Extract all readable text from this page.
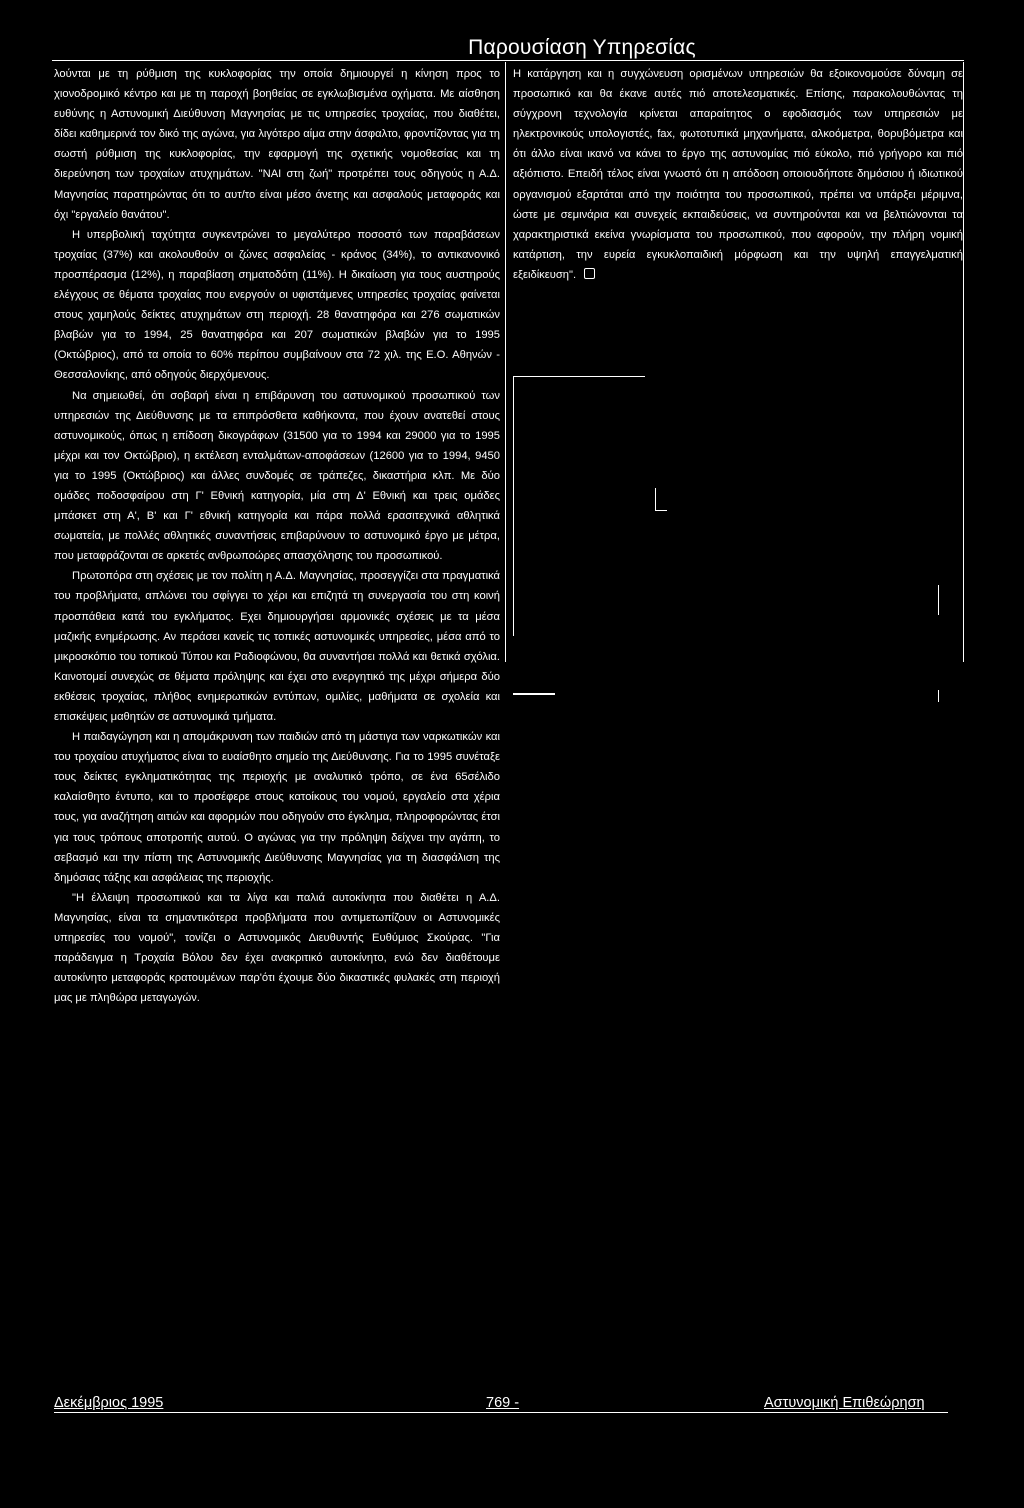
Παρουσίαση Υπηρεσίας

λούνται με τη ρύθμιση της κυκλοφορίας την οποία δημιουργεί η κίνηση προς το χιονοδρομικό κέντρο και με τη παροχή βοηθείας σε εγκλωβισμένα οχήματα. Με αίσθηση ευθύνης η Αστυνομική Διεύθυνση Μαγνησίας με τις υπηρεσίες τροχαίας, που διαθέτει, δίδει καθημερινά τον δικό της αγώνα, για λιγότερο αίμα στην άσφαλτο, φροντίζοντας για τη σωστή ρύθμιση της κυκλοφορίας, την εφαρμογή της σχετικής νομοθεσίας και τη διερεύνηση των τροχαίων ατυχημάτων. "ΝΑΙ στη ζωή" προτρέπει τους οδηγούς η Α.Δ. Μαγνησίας παρατηρώντας ότι το αυτ/το είναι μέσο άνετης και ασφαλούς μεταφοράς και όχι "εργαλείο θανάτου".

Η υπερβολική ταχύτητα συγκεντρώνει το μεγαλύτερο ποσοστό των παραβάσεων τροχαίας (37%) και ακολουθούν οι ζώνες ασφαλείας - κράνος (34%), το αντικανονικό προσπέρασμα (12%), η παραβίαση σηματοδότη (11%). Η δικαίωση για τους αυστηρούς ελέγχους σε θέματα τροχαίας που ενεργούν οι υφιστάμενες υπηρεσίες τροχαίας φαίνεται στους χαμηλούς δείκτες ατυχημάτων στη περιοχή. 28 θανατηφόρα και 276 σωματικών βλαβών για το 1994, 25 θανατηφόρα και 207 σωματικών βλαβών για το 1995 (Οκτώβριος), από τα οποία το 60% περίπου συμβαίνουν στα 72 χιλ. της Ε.Ο. Αθηνών - Θεσσαλονίκης, από οδηγούς διερχόμενους.

Να σημειωθεί, ότι σοβαρή είναι η επιβάρυνση του αστυνομικού προσωπικού των υπηρεσιών της Διεύθυνσης με τα επιπρόσθετα καθήκοντα, που έχουν ανατεθεί στους αστυνομικούς, όπως η επίδοση δικογράφων (31500 για το 1994 και 29000 για το 1995 μέχρι και τον Οκτώβριο), η εκτέλεση ενταλμάτων-αποφάσεων (12600 για το 1994, 9450 για το 1995 (Οκτώβριος) και άλλες συνδομές σε τράπεζες, δικαστήρια κλπ. Με δύο ομάδες ποδοσφαίρου στη Γ' Εθνική κατηγορία, μία στη Δ' Εθνική και τρεις ομάδες μπάσκετ στη Α', Β' και Γ' εθνική κατηγορία και πάρα πολλά ερασιτεχνικά αθλητικά σωματεία, με πολλές αθλητικές συναντήσεις επιβαρύνουν το αστυνομικό έργο με μέτρα, που μεταφράζονται σε αρκετές ανθρωποώρες απασχόλησης του προσωπικού.

Πρωτοπόρα στη σχέσεις με τον πολίτη η Α.Δ. Μαγνησίας, προσεγγίζει στα πραγματικά του προβλήματα, απλώνει του σφίγγει το χέρι και επιζητά τη συνεργασία του στη κοινή προσπάθεια κατά του εγκλήματος. Εχει δημιουργήσει αρμονικές σχέσεις με τα μέσα μαζικής ενημέρωσης. Αν περάσει κανείς τις τοπικές αστυνομικές υπηρεσίες, μέσα από το μικροσκόπιο του τοπικού Τύπου και Ραδιοφώνου, θα συναντήσει πολλά και θετικά σχόλια. Καινοτομεί συνεχώς σε θέματα πρόληψης και έχει στο ενεργητικό της μέχρι σήμερα δύο εκθέσεις τροχαίας, πλήθος ενημερωτικών εντύπων, ομιλίες, μαθήματα σε σχολεία και επισκέψεις μαθητών σε αστυνομικά τμήματα.

Η παιδαγώγηση και η απομάκρυνση των παιδιών από τη μάστιγα των ναρκωτικών και του τροχαίου ατυχήματος είναι το ευαίσθητο σημείο της Διεύθυνσης. Για το 1995 συνέταξε τους δείκτες εγκληματικότητας της περιοχής με αναλυτικό τρόπο, σε ένα 65σέλιδο καλαίσθητο έντυπο, και το προσέφερε στους κατοίκους του νομού, εργαλείο στα χέρια τους, για αναζήτηση αιτιών και αφορμών που οδηγούν στο έγκλημα, πληροφορώντας έτσι για τους τρόπους αποτροπής αυτού. Ο αγώνας για την πρόληψη δείχνει την αγάπη, το σεβασμό και την πίστη της Αστυνομικής Διεύθυνσης Μαγνησίας για τη διασφάλιση της δημόσιας τάξης και ασφάλειας της περιοχής.

"Η έλλειψη προσωπικού και τα λίγα και παλιά αυτοκίνητα που διαθέτει η Α.Δ. Μαγνησίας, είναι τα σημαντικότερα προβλήματα που αντιμετωπίζουν οι Αστυνομικές υπηρεσίες του νομού", τονίζει ο Αστυνομικός Διευθυντής Ευθύμιος Σκούρας. "Για παράδειγμα η Τροχαία Βόλου δεν έχει ανακριτικό αυτοκίνητο, ενώ δεν διαθέτουμε αυτοκίνητο μεταφοράς κρατουμένων παρ'ότι έχουμε δύο δικαστικές φυλακές στη περιοχή μας με πληθώρα μεταγωγών.

Η κατάργηση και η συγχώνευση ορισμένων υπηρεσιών θα εξοικονομούσε δύναμη σε προσωπικό και θα έκανε αυτές πιό αποτελεσματικές. Επίσης, παρακολουθώντας τη σύγχρονη τεχνολογία κρίνεται απαραίτητος ο εφοδιασμός των υπηρεσιών με ηλεκτρονικούς υπολογιστές, fax, φωτοτυπικά μηχανήματα, αλκοόμετρα, θορυβόμετρα και ότι άλλο είναι ικανό να κάνει το έργο της αστυνομίας πιό εύκολο, πιό γρήγορο και πιό αξιόπιστο. Επειδή τέλος είναι γνωστό ότι η απόδοση οποιουδήποτε δημόσιου ή ιδιωτικού οργανισμού εξαρτάται από την ποιότητα του προσωπικού, πρέπει να υπάρξει μέριμνα, ώστε με σεμινάρια και συνεχείς εκπαιδεύσεις, να συντηρούνται και να βελτιώνονται τα χαρακτηριστικά εκείνα γνωρίσματα του προσωπικού, που αφορούν, την πλήρη νομική κατάρτιση, την ευρεία εγκυκλοπαιδική μόρφωση και την υψηλή επαγγελματική εξειδίκευση".

Δεκέμβριος 1995	769 -	Αστυνομική Επιθεώρηση
